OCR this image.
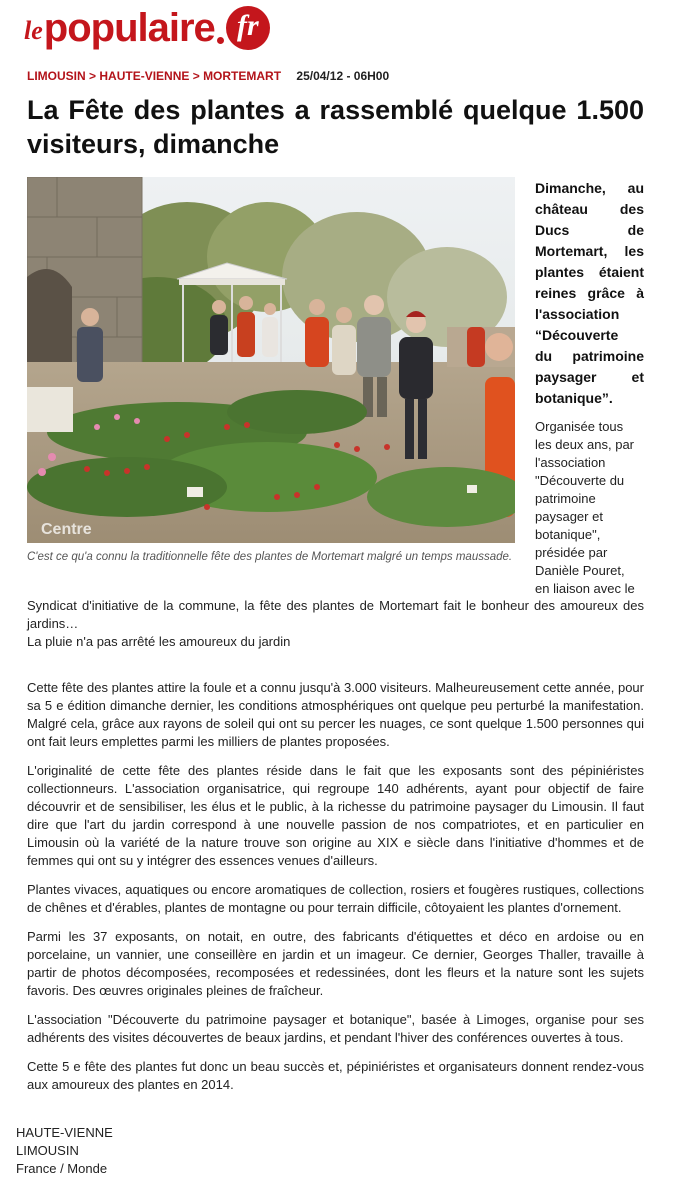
le populaire fr
LIMOUSIN > HAUTE-VIENNE > MORTEMART 25/04/12 - 06H00
La Fête des plantes a rassemblé quelque 1.500 visiteurs, dimanche
Centre
C'est ce qu'a connu la traditionnelle fête des plantes de Mortemart malgré un temps maussade.
Dimanche, au
château des
Ducs de
Mortemart, les
plantes étaient
reines grâce à
l'association
“Découverte
du patrimoine
paysager et
botanique”.
Organisée tous
les deux ans, par
l'association
"Découverte du
patrimoine
paysager et
botanique",
présidée par
Danièle Pouret,
en liaison avec le
Syndicat d'initiative de la commune, la fête des plantes de Mortemart fait le bonheur des amoureux des jardins…
La pluie n'a pas arrêté les amoureux du jardin

Cette fête des plantes attire la foule et a connu jusqu'à 3.000 visiteurs. Malheureusement cette année, pour sa 5 e édition dimanche dernier, les conditions atmosphériques ont quelque peu perturbé la manifestation. Malgré cela, grâce aux rayons de soleil qui ont su percer les nuages, ce sont quelque 1.500 personnes qui ont fait leurs emplettes parmi les milliers de plantes proposées.

L'originalité de cette fête des plantes réside dans le fait que les exposants sont des pépiniéristes collectionneurs. L'association organisatrice, qui regroupe 140 adhérents, ayant pour objectif de faire découvrir et de sensibiliser, les élus et le public, à la richesse du patrimoine paysager du Limousin. Il faut dire que l'art du jardin correspond à une nouvelle passion de nos compatriotes, et en particulier en Limousin où la variété de la nature trouve son origine au XIX e siècle dans l'initiative d'hommes et de femmes qui ont su y intégrer des essences venues d'ailleurs.

Plantes vivaces, aquatiques ou encore aromatiques de collection, rosiers et fougères rustiques, collections de chênes et d'érables, plantes de montagne ou pour terrain difficile, côtoyaient les plantes d'ornement.

Parmi les 37 exposants, on notait, en outre, des fabricants d'étiquettes et déco en ardoise ou en porcelaine, un vannier, une conseillère en jardin et un imageur. Ce dernier, Georges Thaller, travaille à partir de photos décomposées, recomposées et redessinées, dont les fleurs et la nature sont les sujets favoris. Des œuvres originales pleines de fraîcheur.

L'association "Découverte du patrimoine paysager et botanique", basée à Limoges, organise pour ses adhérents des visites découvertes de beaux jardins, et pendant l'hiver des conférences ouvertes à tous.

Cette 5 e fête des plantes fut donc un beau succès et, pépiniéristes et organisateurs donnent rendez-vous aux amoureux des plantes en 2014.

HAUTE-VIENNE
LIMOUSIN
France / Monde
